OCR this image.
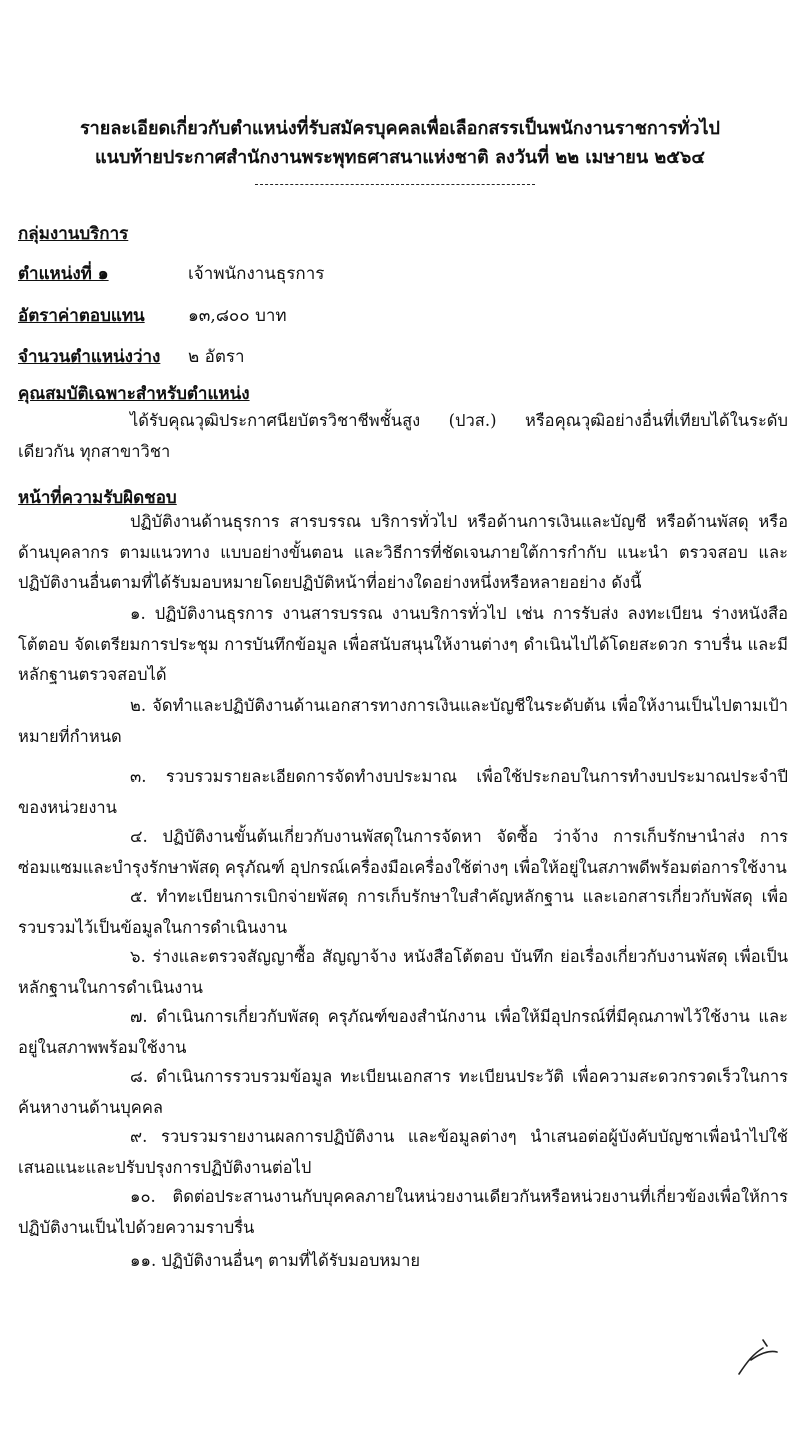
รายละเอียดเกี่ยวกับตำแหน่งที่รับสมัครบุคคลเพื่อเลือกสรรเป็นพนักงานราชการทั่วไป
แนบท้ายประกาศสำนักงานพระพุทธศาสนาแห่งชาติ ลงวันที่ ๒๒ เมษายน ๒๕๖๔
กลุ่มงานบริการ
ตำแหน่งที่ ๑	เจ้าพนักงานธุรการ
อัตราค่าตอบแทน	๑๓,๘๐๐ บาท
จำนวนตำแหน่งว่าง ๒ อัตรา
คุณสมบัติเฉพาะสำหรับตำแหน่ง
ได้รับคุณวุฒิประกาศนียบัตรวิชาชีพชั้นสูง (ปวส.) หรือคุณวุฒิอย่างอื่นที่เทียบได้ในระดับเดียวกัน ทุกสาขาวิชา
หน้าที่ความรับผิดชอบ
ปฏิบัติงานด้านธุรการ สารบรรณ บริการทั่วไป หรือด้านการเงินและบัญชี หรือด้านพัสดุ หรือด้านบุคลากร ตามแนวทาง แบบอย่างขั้นตอน และวิธีการที่ชัดเจนภายใต้การกำกับ แนะนำ ตรวจสอบ และปฏิบัติงานอื่นตามที่ได้รับมอบหมายโดยปฏิบัติหน้าที่อย่างใดอย่างหนึ่งหรือหลายอย่าง ดังนี้
๑. ปฏิบัติงานธุรการ งานสารบรรณ งานบริการทั่วไป เช่น การรับส่ง ลงทะเบียน ร่างหนังสือโต้ตอบ จัดเตรียมการประชุม การบันทึกข้อมูล เพื่อสนับสนุนให้งานต่างๆ ดำเนินไปได้โดยสะดวก ราบรื่น และมีหลักฐานตรวจสอบได้
๒. จัดทำและปฏิบัติงานด้านเอกสารทางการเงินและบัญชีในระดับต้น เพื่อให้งานเป็นไปตามเป้าหมายที่กำหนด
๓. รวบรวมรายละเอียดการจัดทำงบประมาณ เพื่อใช้ประกอบในการทำงบประมาณประจำปีของหน่วยงาน
๔. ปฏิบัติงานขั้นต้นเกี่ยวกับงานพัสดุในการจัดหา จัดซื้อ ว่าจ้าง การเก็บรักษานำส่ง การซ่อมแซมและบำรุงรักษาพัสดุ ครุภัณฑ์ อุปกรณ์เครื่องมือเครื่องใช้ต่างๆ เพื่อให้อยู่ในสภาพดีพร้อมต่อการใช้งาน
๕. ทำทะเบียนการเบิกจ่ายพัสดุ การเก็บรักษาใบสำคัญหลักฐาน และเอกสารเกี่ยวกับพัสดุ เพื่อรวบรวมไว้เป็นข้อมูลในการดำเนินงาน
๖. ร่างและตรวจสัญญาซื้อ สัญญาจ้าง หนังสือโต้ตอบ บันทึก ย่อเรื่องเกี่ยวกับงานพัสดุ เพื่อเป็นหลักฐานในการดำเนินงาน
๗. ดำเนินการเกี่ยวกับพัสดุ ครุภัณฑ์ของสำนักงาน เพื่อให้มีอุปกรณ์ที่มีคุณภาพไว้ใช้งาน และอยู่ในสภาพพร้อมใช้งาน
๘. ดำเนินการรวบรวมข้อมูล ทะเบียนเอกสาร ทะเบียนประวัติ เพื่อความสะดวกรวดเร็วในการค้นหางานด้านบุคคล
๙. รวบรวมรายงานผลการปฏิบัติงาน และข้อมูลต่างๆ นำเสนอต่อผู้บังคับบัญชาเพื่อนำไปใช้เสนอแนะและปรับปรุงการปฏิบัติงานต่อไป
๑๐. ติดต่อประสานงานกับบุคคลภายในหน่วยงานเดียวกันหรือหน่วยงานที่เกี่ยวข้องเพื่อให้การปฏิบัติงานเป็นไปด้วยความราบรื่น
๑๑. ปฏิบัติงานอื่นๆ ตามที่ได้รับมอบหมาย
